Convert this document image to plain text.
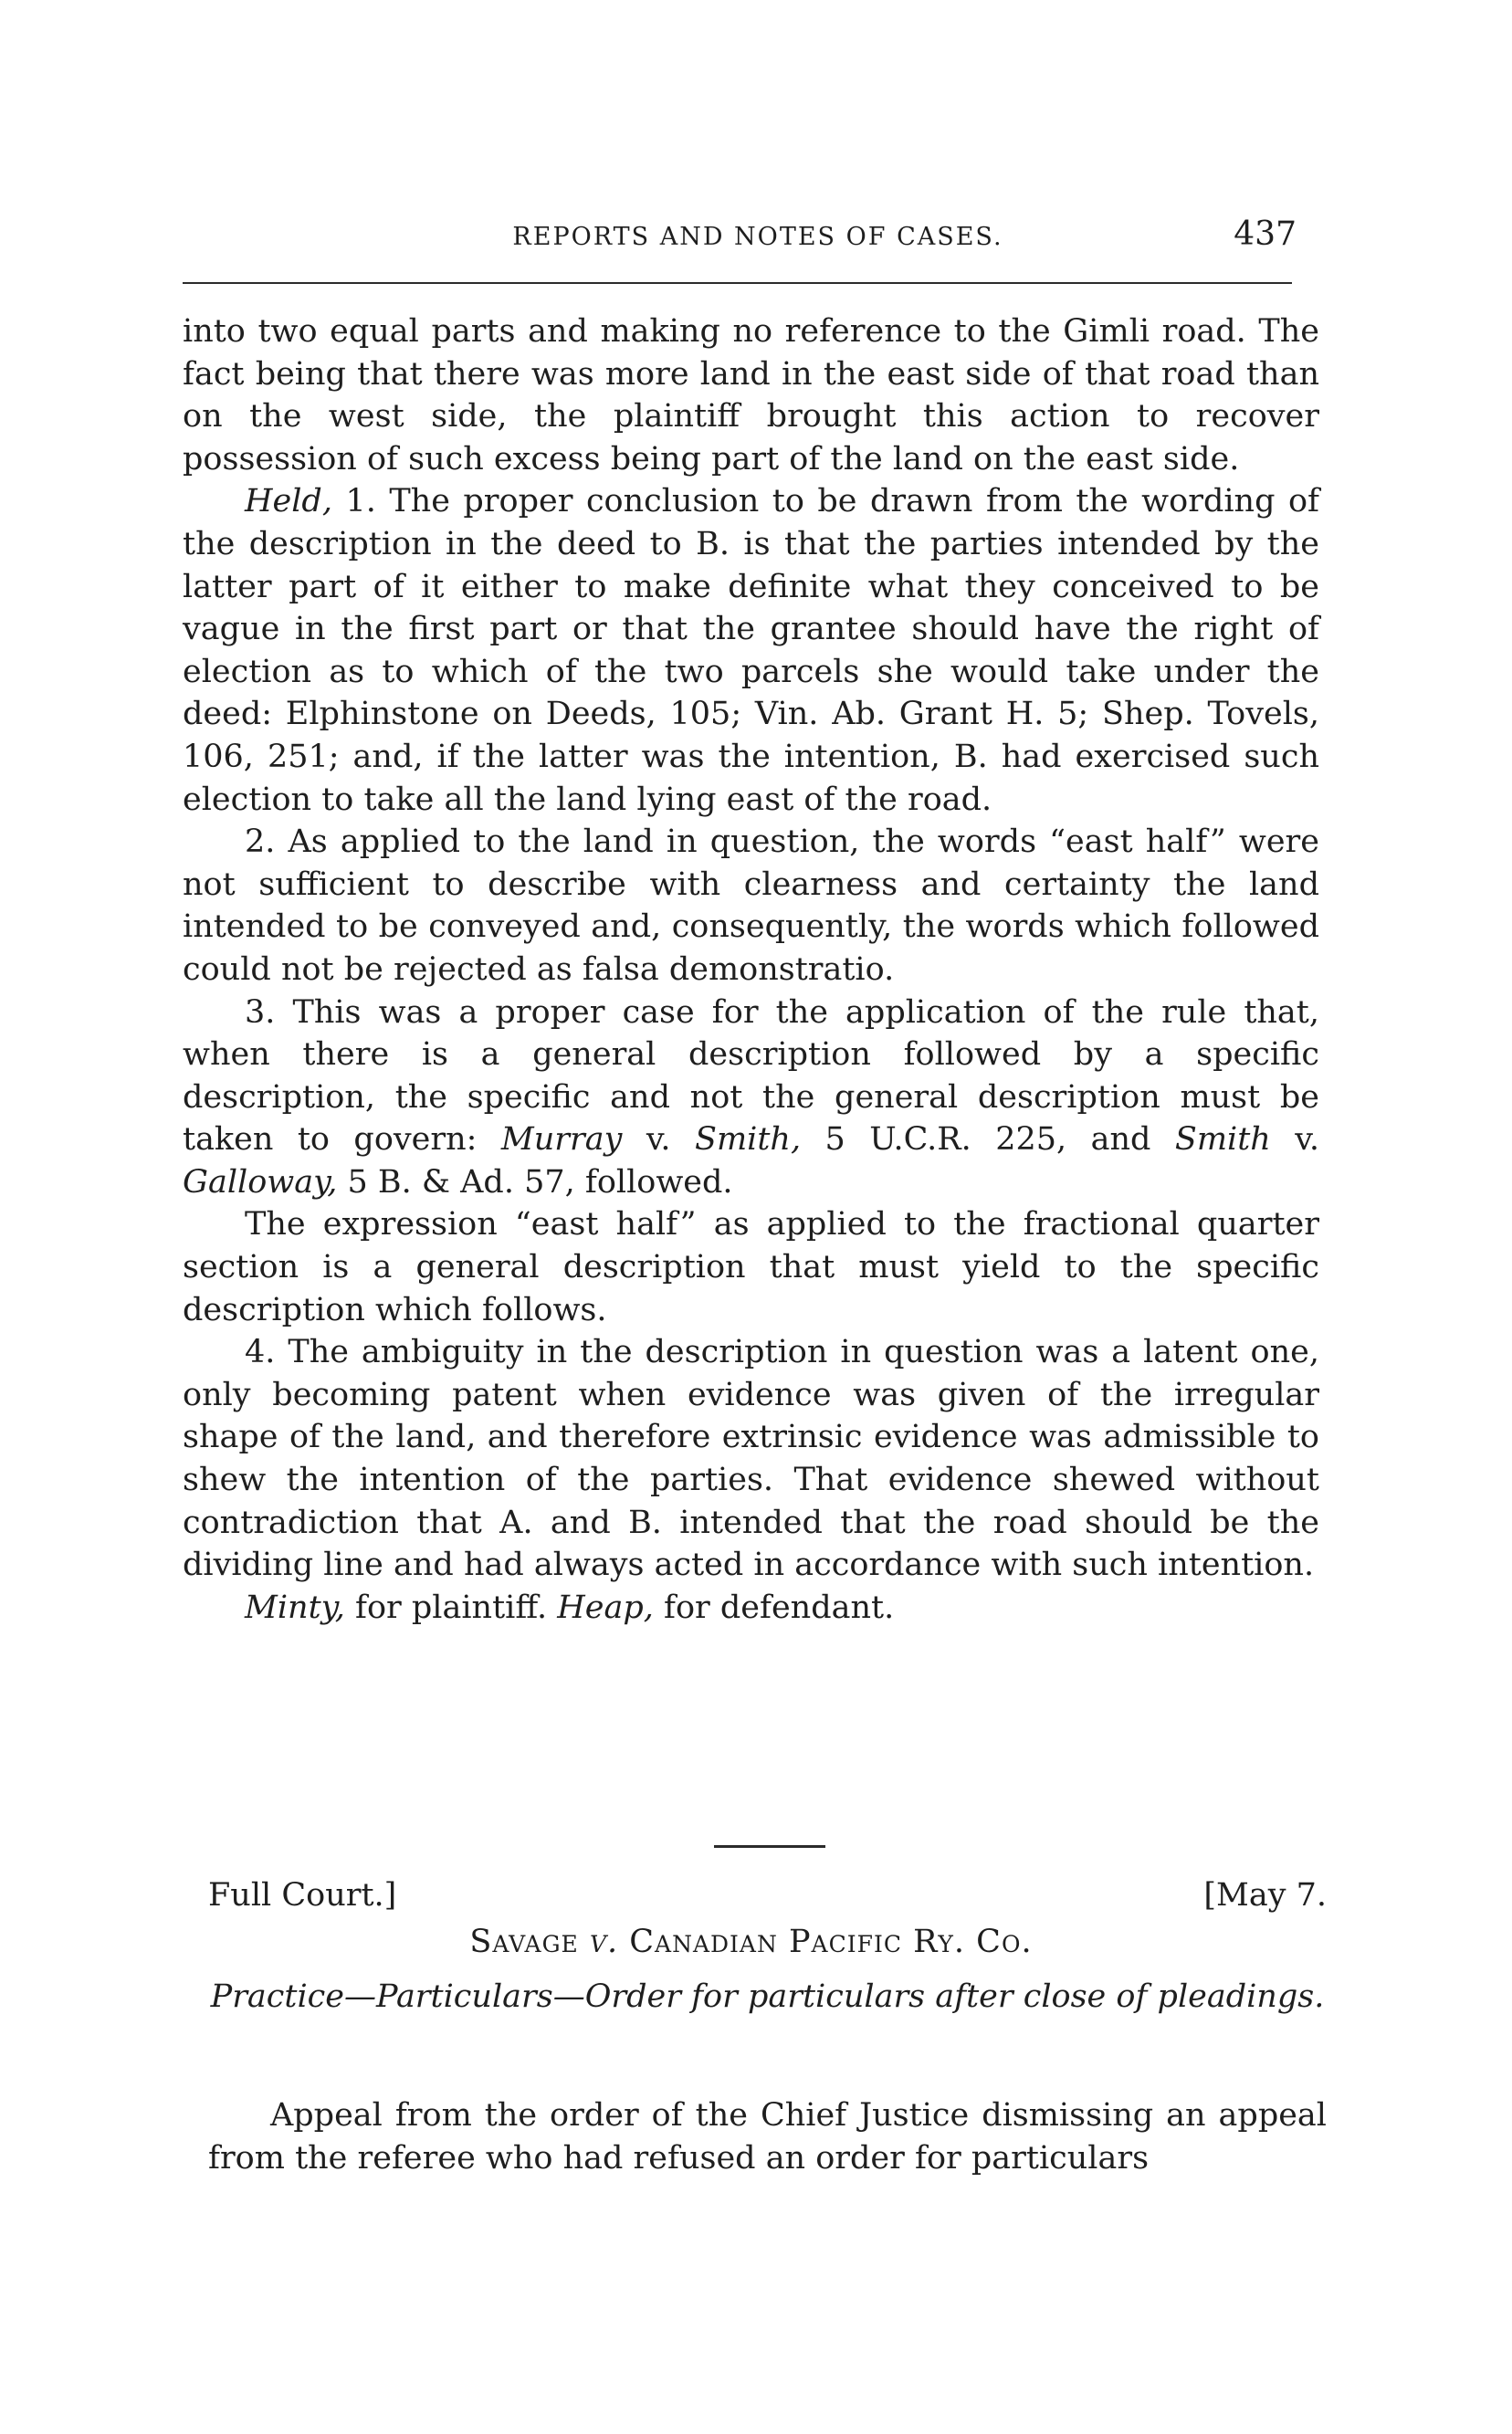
REPORTS AND NOTES OF CASES.	437

into two equal parts and making no reference to the Gimli road. The fact being that there was more land in the east side of that road than on the west side, the plaintiff brought this action to recover possession of such excess being part of the land on the east side.

Held, 1. The proper conclusion to be drawn from the wording of the description in the deed to B. is that the parties intended by the latter part of it either to make definite what they conceived to be vague in the first part or that the grantee should have the right of election as to which of the two parcels she would take under the deed: Elphinstone on Deeds, 105; Vin. Ab. Grant H. 5; Shep. Tovels, 106, 251; and, if the latter was the intention, B. had exercised such election to take all the land lying east of the road.

2. As applied to the land in question, the words “east half” were not sufficient to describe with clearness and certainty the land intended to be conveyed and, consequently, the words which followed could not be rejected as falsa demonstratio.

3. This was a proper case for the application of the rule that, when there is a general description followed by a specific description, the specific and not the general description must be taken to govern: Murray v. Smith, 5 U.C.R. 225, and Smith v. Galloway, 5 B. & Ad. 57, followed.

The expression “east half” as applied to the fractional quarter section is a general description that must yield to the specific description which follows.

4. The ambiguity in the description in question was a latent one, only becoming patent when evidence was given of the irregular shape of the land, and therefore extrinsic evidence was admissible to shew the intention of the parties. That evidence shewed without contradiction that A. and B. intended that the road should be the dividing line and had always acted in accordance with such intention.

Minty, for plaintiff. Heap, for defendant.

Full Court.]	[May 7.
Savage v. Canadian Pacific Ry. Co.
Practice—Particulars—Order for particulars after close of pleadings.

Appeal from the order of the Chief Justice dismissing an appeal from the referee who had refused an order for particulars
